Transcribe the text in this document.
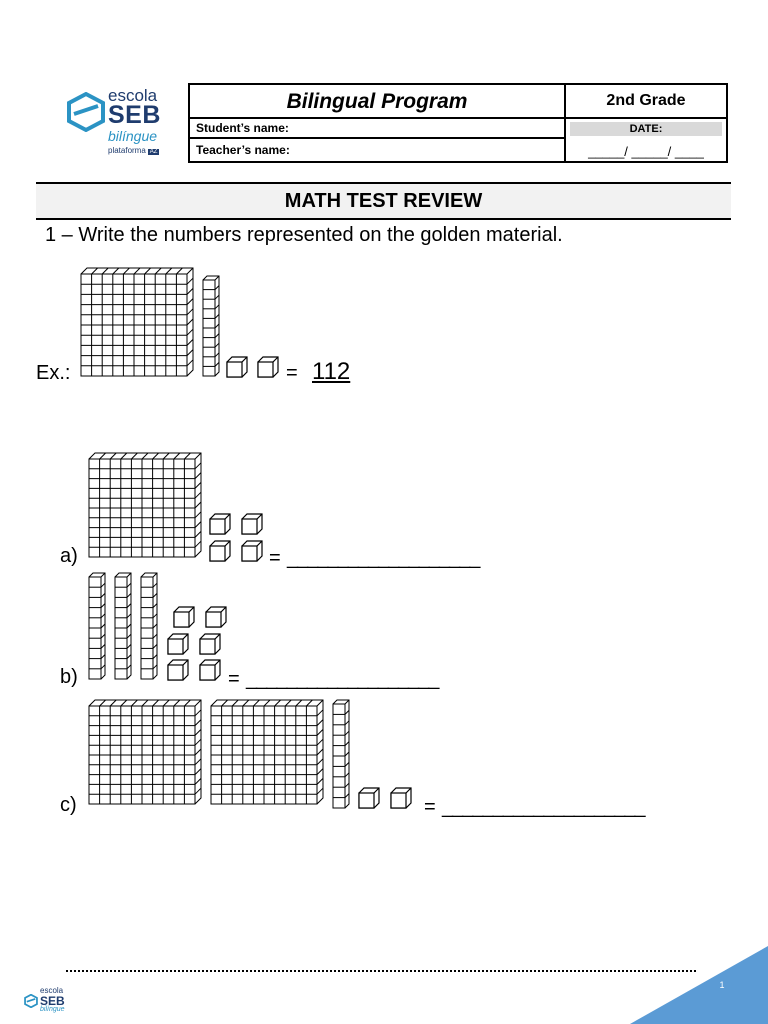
escola
SEB
bilíngue
plataforma AZ
Bilingual Program	2nd Grade
Student’s name:
Teacher’s name:
DATE:
_____/ _____/ ____
MATH TEST REVIEW
1 – Write the numbers represented on the golden material.
Ex.:	= 112
a)	= ___________________
b)	= ___________________
c)	= ____________________
escola
SEB
bilíngue
1
